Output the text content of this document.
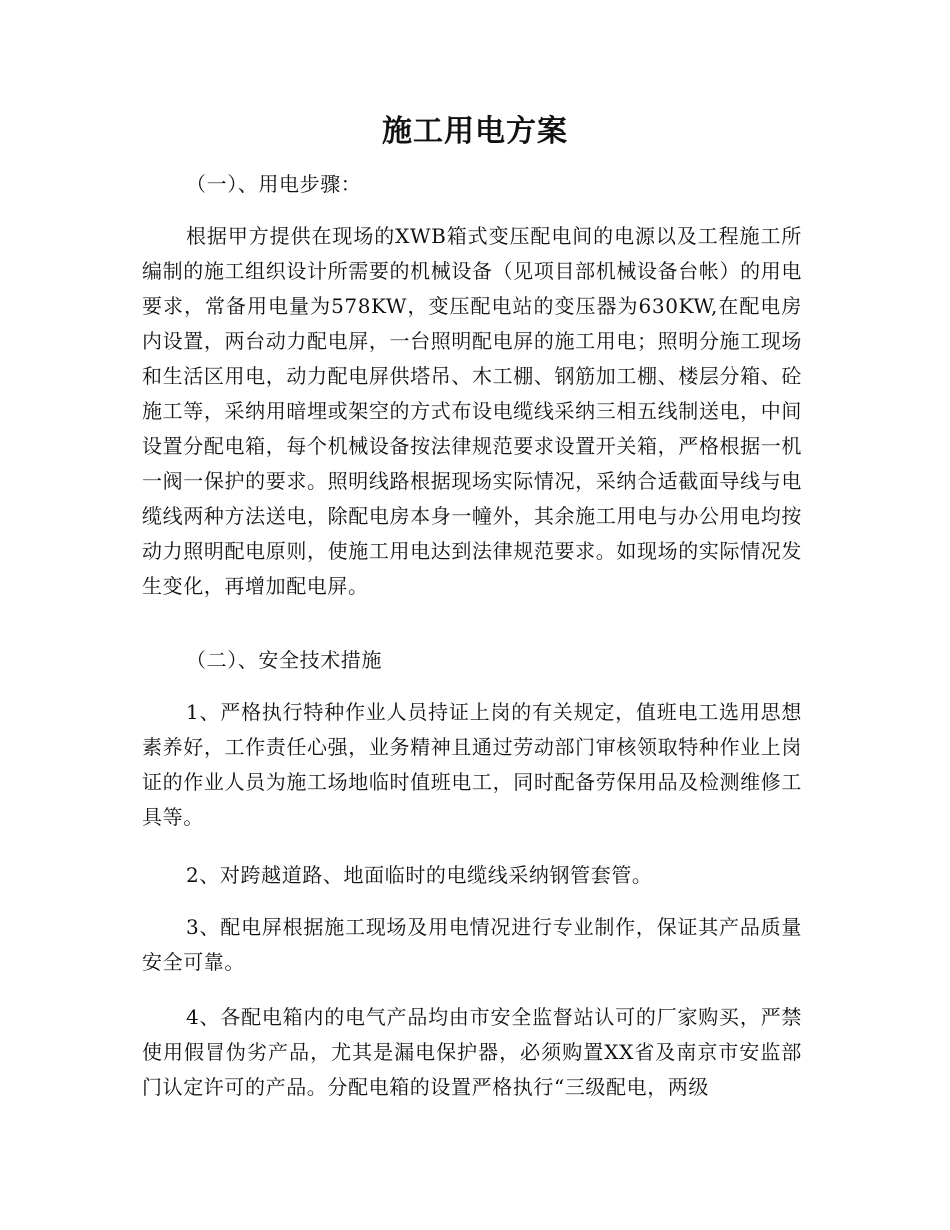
施工用电方案

（一）、用电步骤：

根据甲方提供在现场的XWB箱式变压配电间的电源以及工程施工所编制的施工组织设计所需要的机械设备（见项目部机械设备台帐）的用电要求，常备用电量为578KW，变压配电站的变压器为630KW,在配电房内设置，两台动力配电屏，一台照明配电屏的施工用电；照明分施工现场和生活区用电，动力配电屏供塔吊、木工棚、钢筋加工棚、楼层分箱、砼施工等，采纳用暗埋或架空的方式布设电缆线采纳三相五线制送电，中间设置分配电箱，每个机械设备按法律规范要求设置开关箱，严格根据一机一阀一保护的要求。照明线路根据现场实际情况，采纳合适截面导线与电缆线两种方法送电，除配电房本身一幢外，其余施工用电与办公用电均按动力照明配电原则，使施工用电达到法律规范要求。如现场的实际情况发生变化，再增加配电屏。

（二）、安全技术措施

1、严格执行特种作业人员持证上岗的有关规定，值班电工选用思想素养好，工作责任心强，业务精神且通过劳动部门审核领取特种作业上岗证的作业人员为施工场地临时值班电工，同时配备劳保用品及检测维修工具等。

2、对跨越道路、地面临时的电缆线采纳钢管套管。

3、配电屏根据施工现场及用电情况进行专业制作，保证其产品质量安全可靠。

4、各配电箱内的电气产品均由市安全监督站认可的厂家购买，严禁使用假冒伪劣产品，尤其是漏电保护器，必须购置XX省及南京市安监部门认定许可的产品。分配电箱的设置严格执行“三级配电，两级
